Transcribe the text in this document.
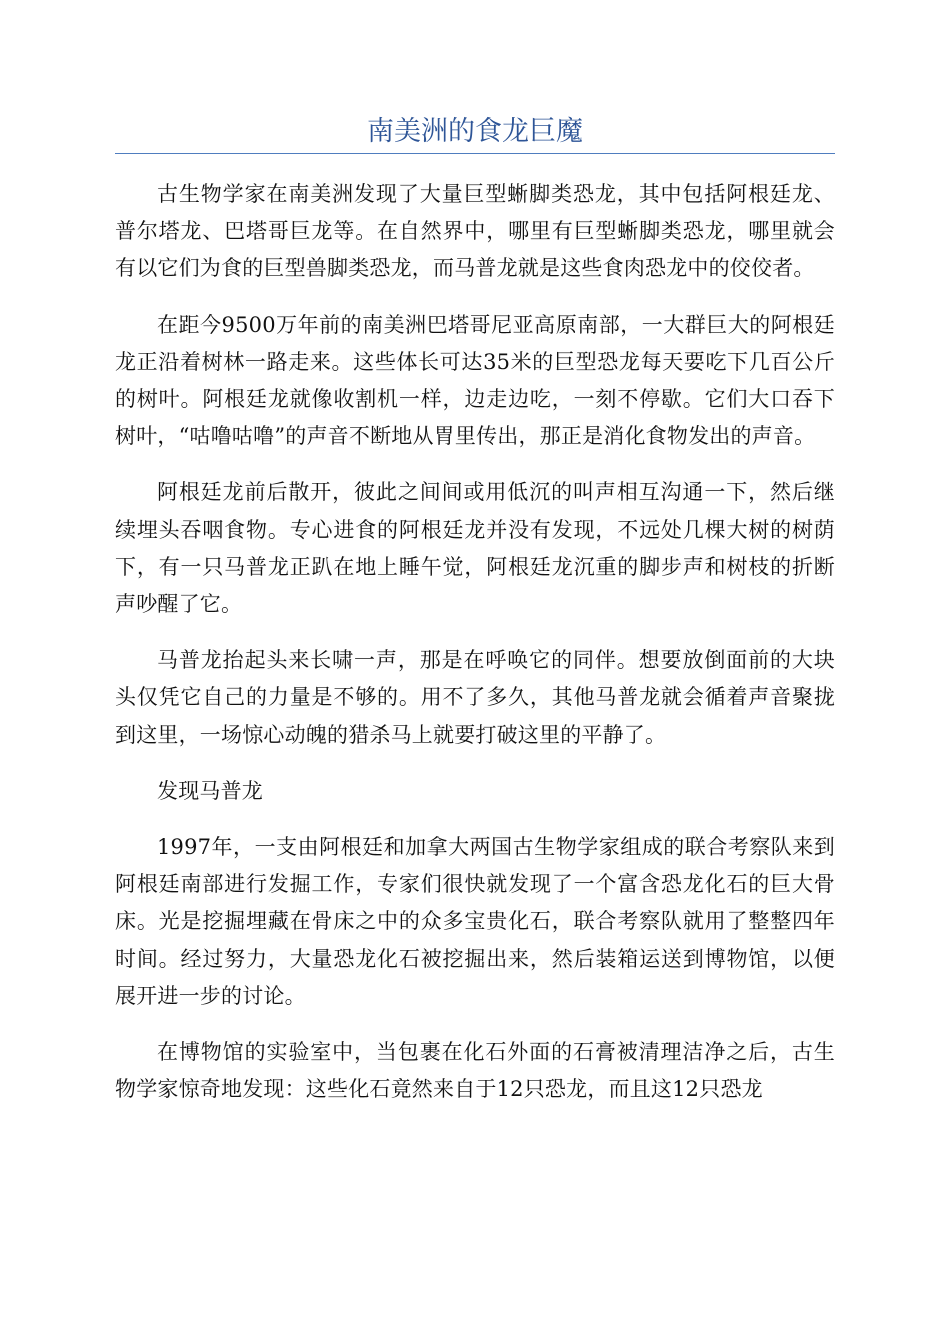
南美洲的食龙巨魔

古生物学家在南美洲发现了大量巨型蜥脚类恐龙，其中包括阿根廷龙、普尔塔龙、巴塔哥巨龙等。在自然界中，哪里有巨型蜥脚类恐龙，哪里就会有以它们为食的巨型兽脚类恐龙，而马普龙就是这些食肉恐龙中的佼佼者。

在距今9500万年前的南美洲巴塔哥尼亚高原南部，一大群巨大的阿根廷龙正沿着树林一路走来。这些体长可达35米的巨型恐龙每天要吃下几百公斤的树叶。阿根廷龙就像收割机一样，边走边吃，一刻不停歇。它们大口吞下树叶，“咕噜咕噜”的声音不断地从胃里传出，那正是消化食物发出的声音。

阿根廷龙前后散开，彼此之间间或用低沉的叫声相互沟通一下，然后继续埋头吞咽食物。专心进食的阿根廷龙并没有发现，不远处几棵大树的树荫下，有一只马普龙正趴在地上睡午觉，阿根廷龙沉重的脚步声和树枝的折断声吵醒了它。

马普龙抬起头来长啸一声，那是在呼唤它的同伴。想要放倒面前的大块头仅凭它自己的力量是不够的。用不了多久，其他马普龙就会循着声音聚拢到这里，一场惊心动魄的猎杀马上就要打破这里的平静了。

发现马普龙

1997年，一支由阿根廷和加拿大两国古生物学家组成的联合考察队来到阿根廷南部进行发掘工作，专家们很快就发现了一个富含恐龙化石的巨大骨床。光是挖掘埋藏在骨床之中的众多宝贵化石，联合考察队就用了整整四年时间。经过努力，大量恐龙化石被挖掘出来，然后装箱运送到博物馆，以便展开进一步的讨论。

在博物馆的实验室中，当包裹在化石外面的石膏被清理洁净之后，古生物学家惊奇地发现：这些化石竟然来自于12只恐龙，而且这12只恐龙
